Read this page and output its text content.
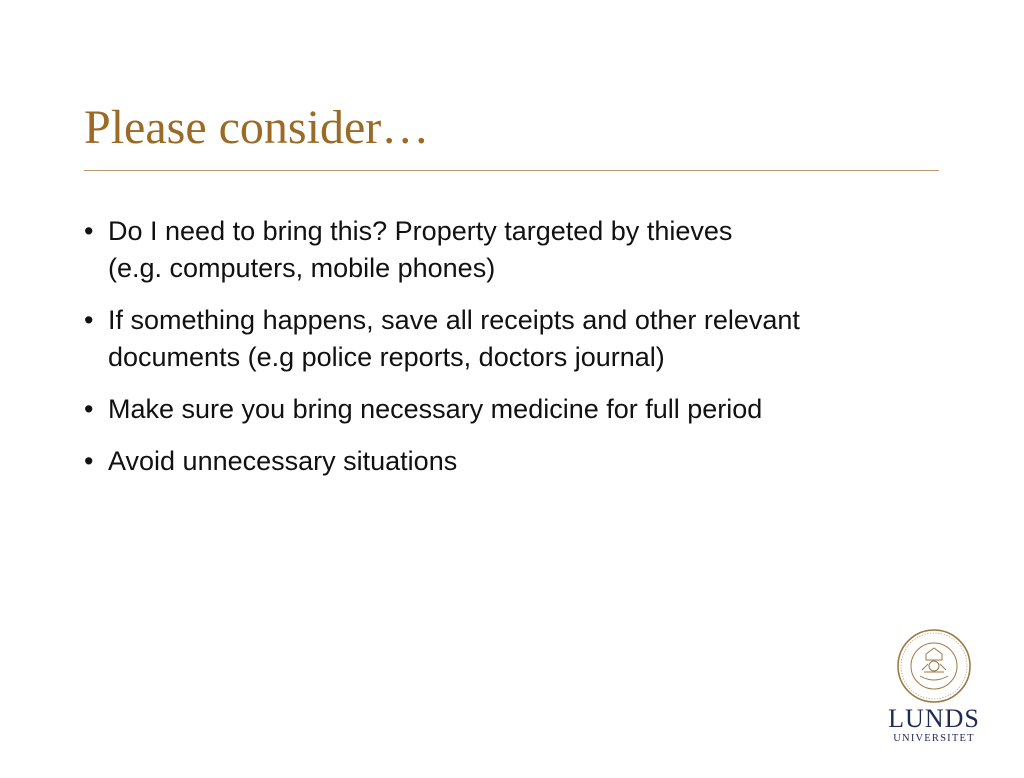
Please consider…
• Do I need to bring this? Property targeted by thieves
(e.g. computers, mobile phones)
• If something happens, save all receipts and other relevant
documents (e.g police reports, doctors journal)
• Make sure you bring necessary medicine for full period
• Avoid unnecessary situations
LUNDS
UNIVERSITET
